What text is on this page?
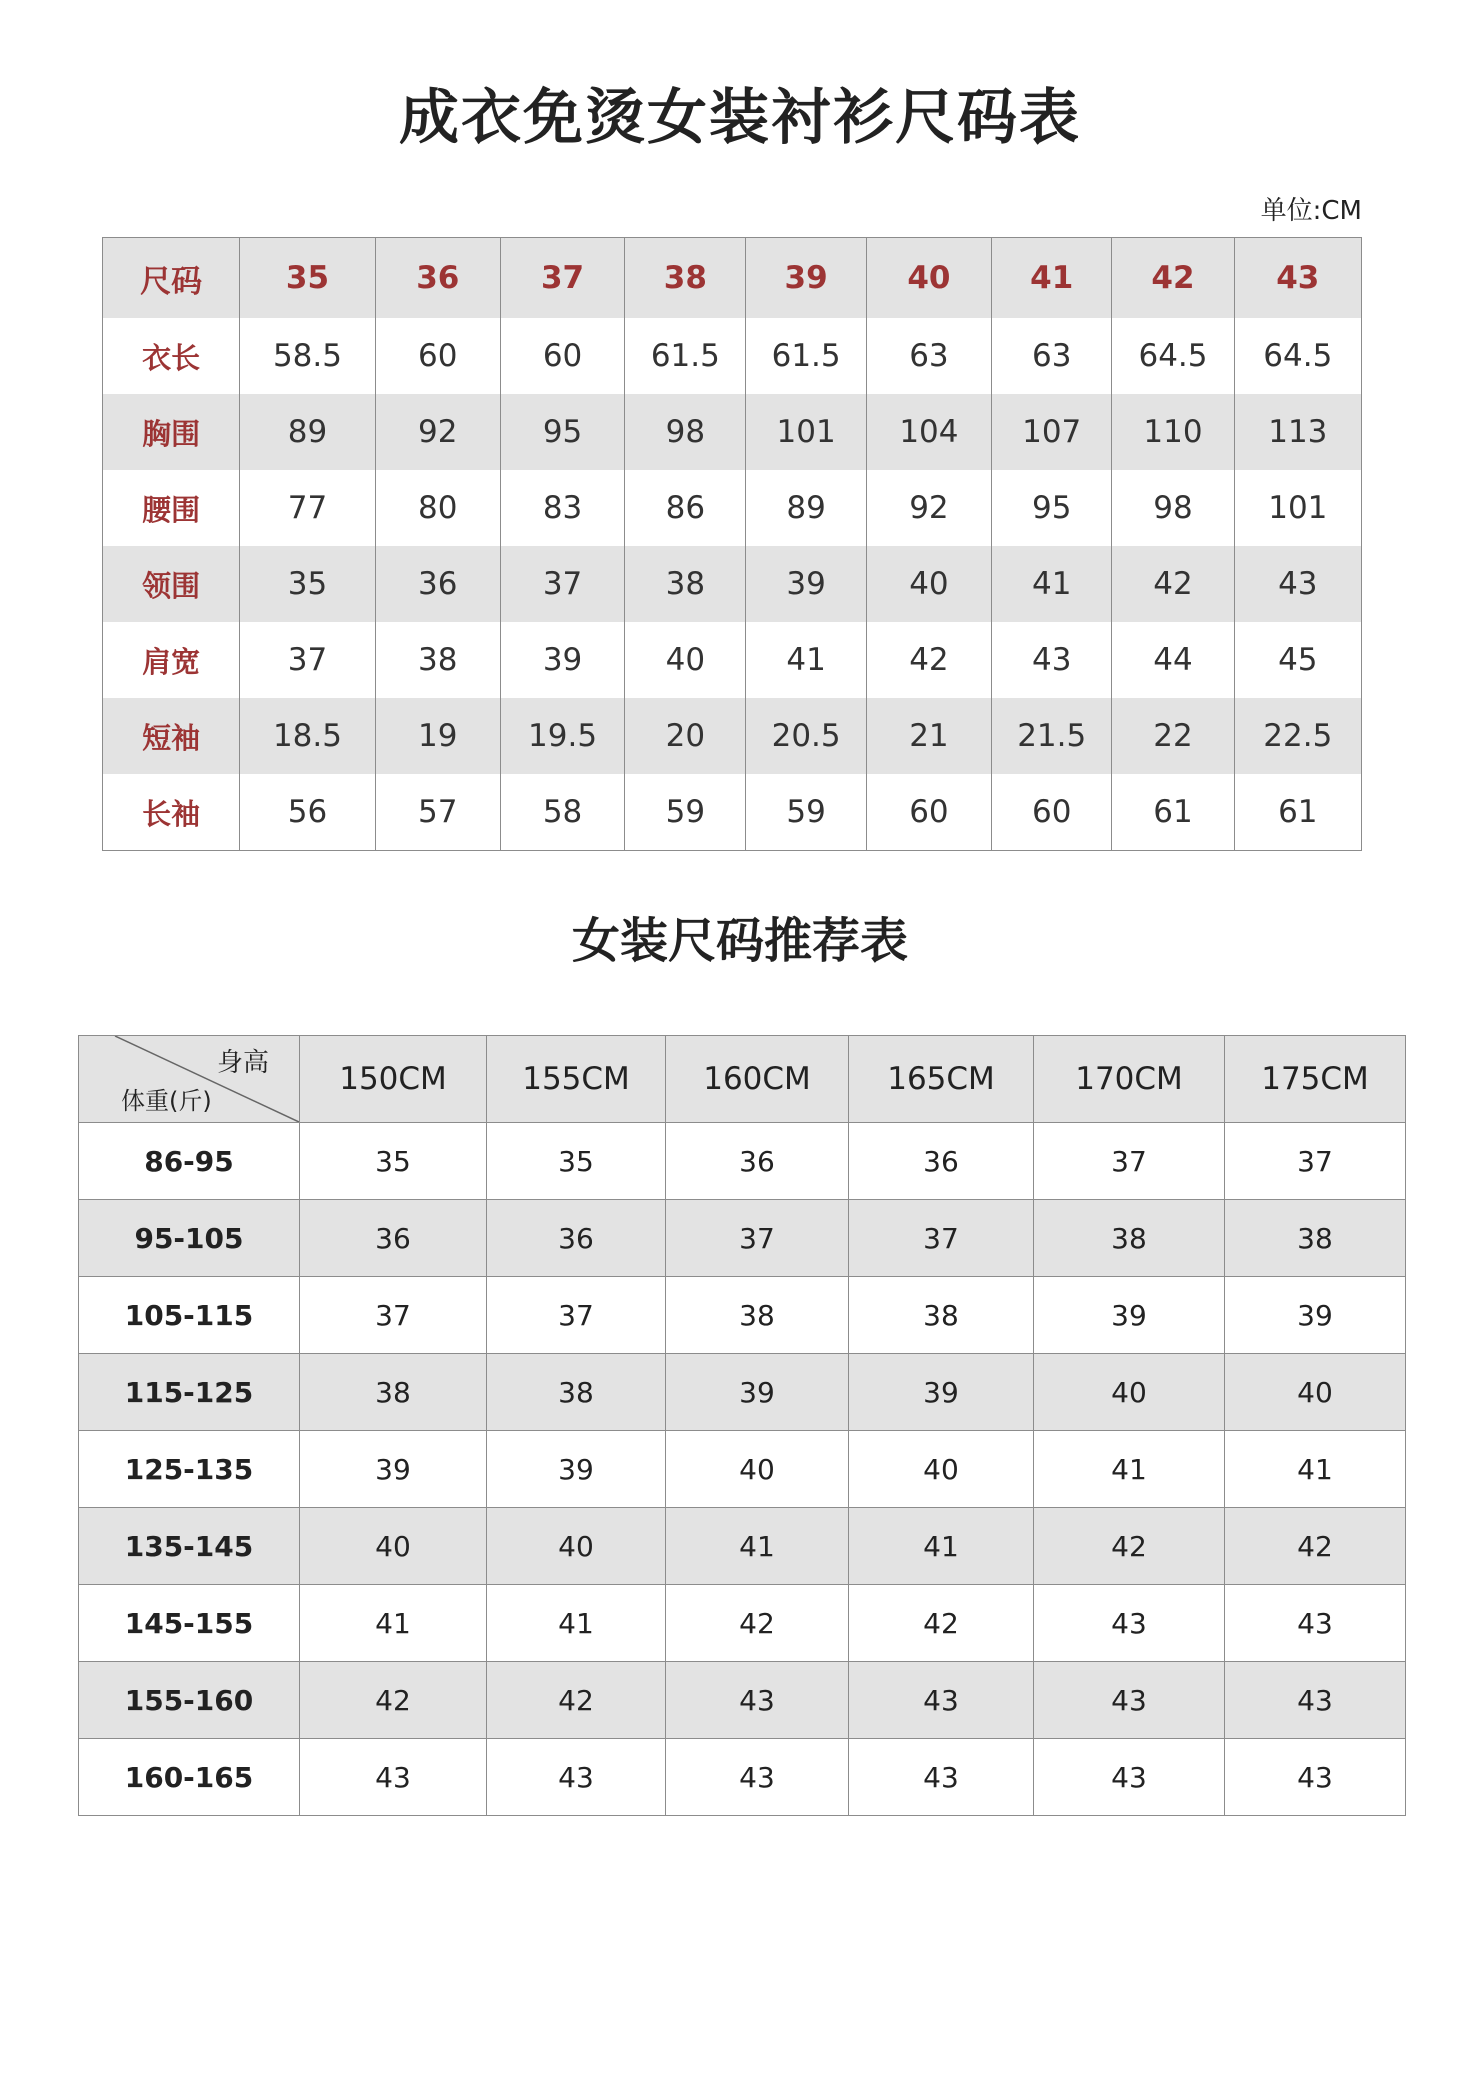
成衣免烫女装衬衫尺码表
单位:CM
尺码	35	36	37	38	39	40	41	42	43
衣长	58.5	60	60	61.5	61.5	63	63	64.5	64.5
胸围	89	92	95	98	101	104	107	110	113
腰围	77	80	83	86	89	92	95	98	101
领围	35	36	37	38	39	40	41	42	43
肩宽	37	38	39	40	41	42	43	44	45
短袖	18.5	19	19.5	20	20.5	21	21.5	22	22.5
长袖	56	57	58	59	59	60	60	61	61
女装尺码推荐表
身高
体重(斤)	150CM	155CM	160CM	165CM	170CM	175CM
86-95	35	35	36	36	37	37
95-105	36	36	37	37	38	38
105-115	37	37	38	38	39	39
115-125	38	38	39	39	40	40
125-135	39	39	40	40	41	41
135-145	40	40	41	41	42	42
145-155	41	41	42	42	43	43
155-160	42	42	43	43	43	43
160-165	43	43	43	43	43	43
